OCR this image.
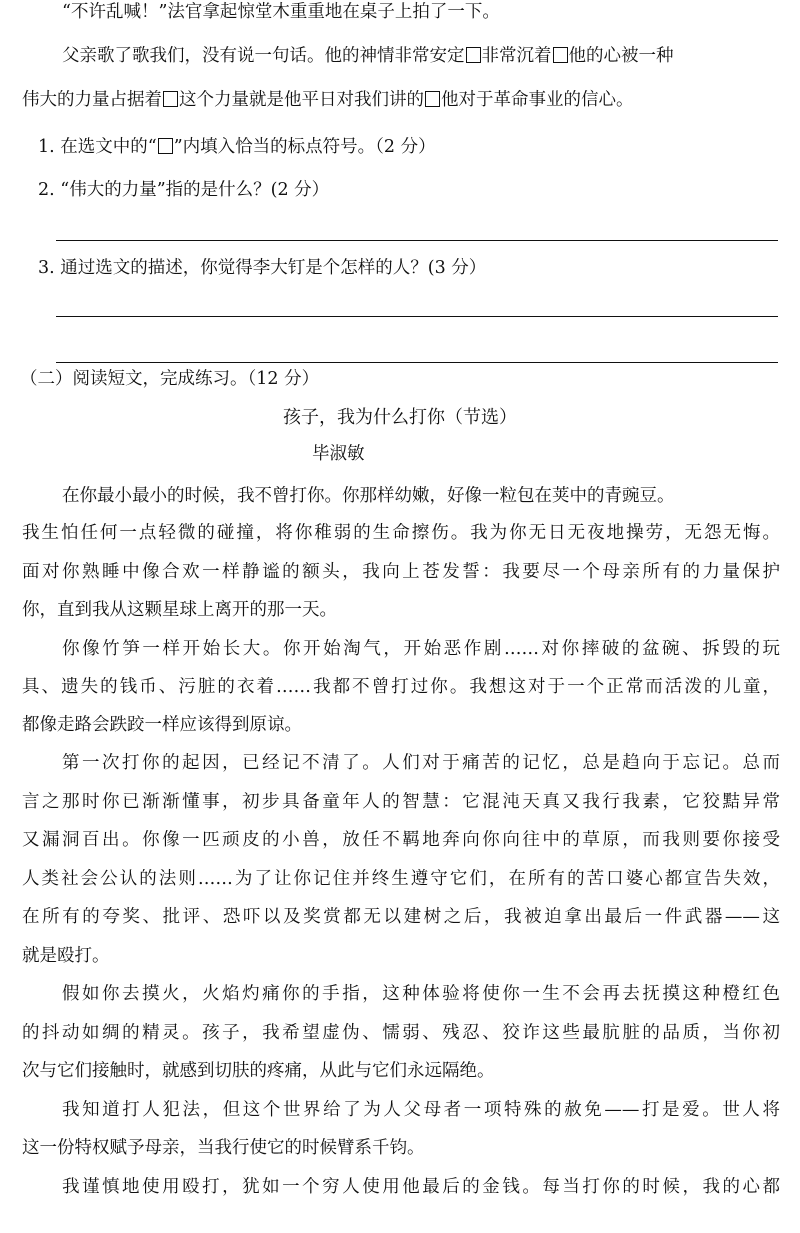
“不许乱喊！”法官拿起惊堂木重重地在桌子上拍了一下。
父亲歌了歌我们，没有说一句话。他的神情非常安定 非常沉着 他的心被一种
伟大的力量占据着 这个力量就是他平日对我们讲的 他对于革命事业的信心。
1. 在选文中的“ ”内填入恰当的标点符号。（2 分）
2. “伟大的力量”指的是什么？(2 分）
3. 通过选文的描述，你觉得李大钉是个怎样的人？(3 分）
（二）阅读短文，完成练习。（12 分）
孩子，我为什么打你（节选）
毕淑敏
在你最小最小的时候，我不曾打你。你那样幼嫩，好像一粒包在荚中的青豌豆。
我生怕任何一点轻微的碰撞，将你稚弱的生命擦伤。我为你无日无夜地操劳，无怨无悔。
面对你熟睡中像合欢一样静谧的额头，我向上苍发誓：我要尽一个母亲所有的力量保护
你，直到我从这颗星球上离开的那一天。
你像竹笋一样开始长大。你开始淘气，开始恶作剧……对你摔破的盆碗、拆毁的玩
具、遗失的钱币、污脏的衣着……我都不曾打过你。我想这对于一个正常而活泼的儿童，
都像走路会跌跤一样应该得到原谅。
第一次打你的起因，已经记不清了。人们对于痛苦的记忆，总是趋向于忘记。总而
言之那时你已渐渐懂事，初步具备童年人的智慧：它混沌天真又我行我素，它狡黠异常
又漏洞百出。你像一匹顽皮的小兽，放任不羁地奔向你向往中的草原，而我则要你接受
人类社会公认的法则……为了让你记住并终生遵守它们，在所有的苦口婆心都宣告失效，
在所有的夸奖、批评、恐吓以及奖赏都无以建树之后，我被迫拿出最后一件武器——这
就是殴打。
假如你去摸火，火焰灼痛你的手指，这种体验将使你一生不会再去抚摸这种橙红色
的抖动如绸的精灵。孩子，我希望虚伪、懦弱、残忍、狡诈这些最肮脏的品质，当你初
次与它们接触时，就感到切肤的疼痛，从此与它们永远隔绝。
我知道打人犯法，但这个世界给了为人父母者一项特殊的赦免——打是爱。世人将
这一份特权赋予母亲，当我行使它的时候臂系千钧。
我谨慎地使用殴打，犹如一个穷人使用他最后的金钱。每当打你的时候，我的心都
